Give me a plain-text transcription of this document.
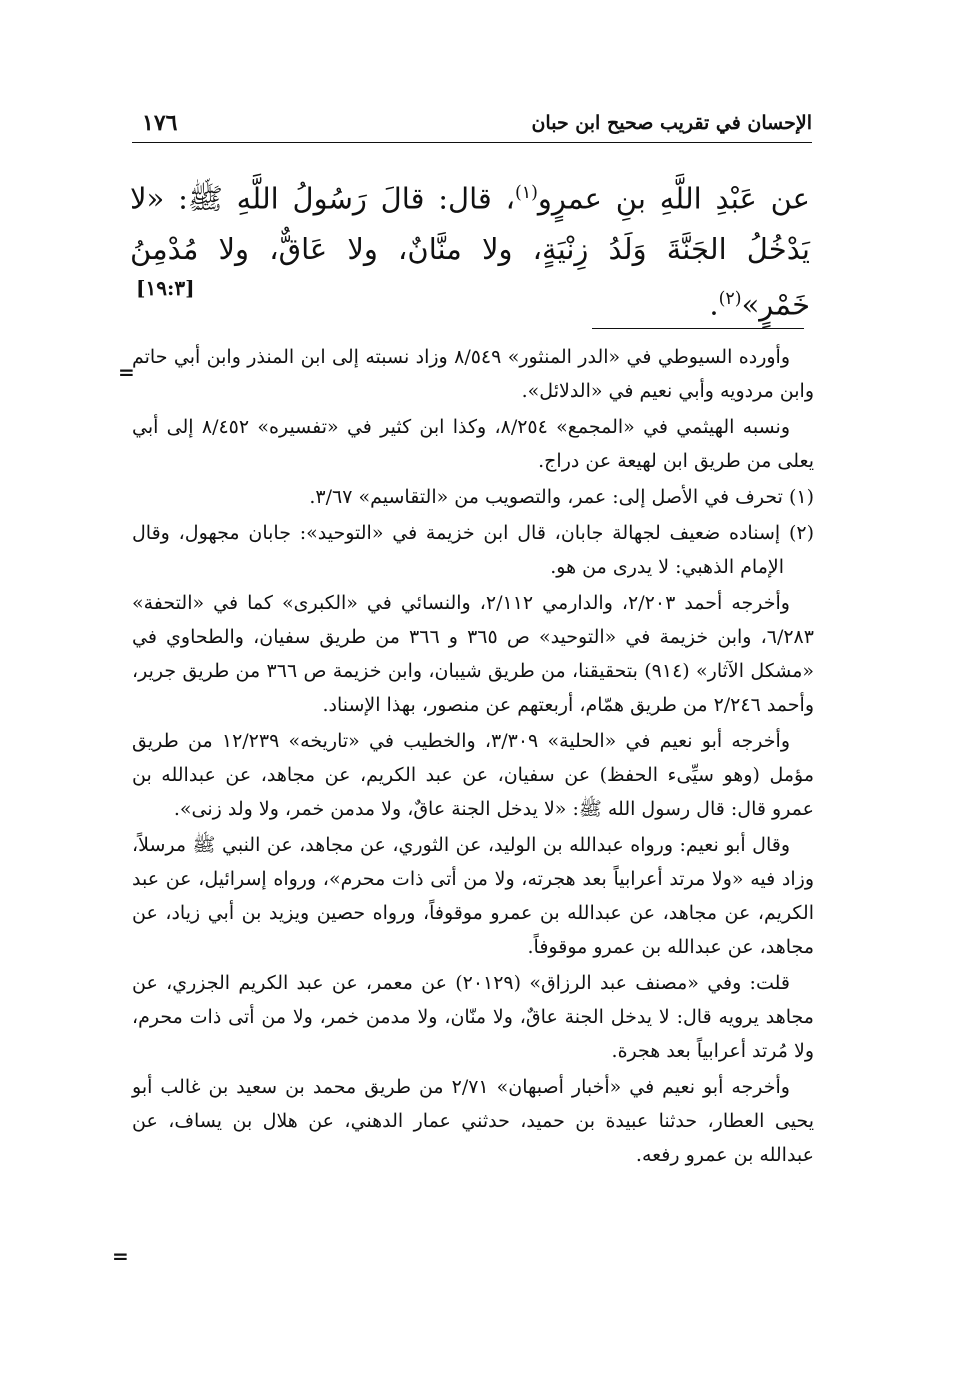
الإحسان في تقريب صحيح ابن حبان
١٧٦
عن عَبْدِ اللَّهِ بنِ عمرٍو$^{(١)}$، قال: قالَ رَسُولُ اللَّهِ ﷺ: «لا يَدْخُلُ الجَنَّةَ وَلَدُ زِنْيَةٍ، ولا منَّانٌ، ولا عَاقٌّ، ولا مُدْمِنُ خَمْرٍ»$^{(٢)}$.
[١٩:٣]
=

وأورده السيوطي في «الدر المنثور» ٨/٥٤٩ وزاد نسبته إلى ابن المنذر وابن أبي حاتم وابن مردويه وأبي نعيم في «الدلائل».

ونسبه الهيثمي في «المجمع» ٨/٢٥٤، وكذا ابن كثير في «تفسيره» ٨/٤٥٢ إلى أبي يعلى من طريق ابن لهيعة عن دراج.

(١) تحرف في الأصل إلى: عمر، والتصويب من «التقاسيم» ٣/٦٧.

(٢) إسناده ضعيف لجهالة جابان، قال ابن خزيمة في «التوحيد»: جابان مجهول، وقال الإمام الذهبي: لا يدرى من هو.

وأخرجه أحمد ٢/٢٠٣، والدارمي ٢/١١٢، والنسائي في «الكبرى» كما في «التحفة» ٦/٢٨٣، وابن خزيمة في «التوحيد» ص ٣٦٥ و ٣٦٦ من طريق سفيان، والطحاوي في «مشكل الآثار» (٩١٤) بتحقيقنا، من طريق شيبان، وابن خزيمة ص ٣٦٦ من طريق جرير، وأحمد ٢/٢٤٦ من طريق همّام، أربعتهم عن منصور، بهذا الإسناد.

وأخرجه أبو نعيم في «الحلية» ٣/٣٠٩، والخطيب في «تاريخه» ١٢/٢٣٩ من طريق مؤمل (وهو سيِّىء الحفظ) عن سفيان، عن عبد الكريم، عن مجاهد، عن عبدالله بن عمرو قال: قال رسول الله ﷺ: «لا يدخل الجنة عاقٌ، ولا مدمن خمر، ولا ولد زنى».

وقال أبو نعيم: ورواه عبدالله بن الوليد، عن الثوري، عن مجاهد، عن النبي ﷺ مرسلاً، وزاد فيه «ولا مرتد أعرابياً بعد هجرته، ولا من أتى ذات محرم»، ورواه إسرائيل، عن عبد الكريم، عن مجاهد، عن عبدالله بن عمرو موقوفاً، ورواه حصين ويزيد بن أبي زياد، عن مجاهد، عن عبدالله بن عمرو موقوفاً.

قلت: وفي «مصنف عبد الرزاق» (٢٠١٢٩) عن معمر، عن عبد الكريم الجزري، عن مجاهد يرويه قال: لا يدخل الجنة عاقٌ، ولا منّان، ولا مدمن خمر، ولا من أتى ذات محرم، ولا مُرتد أعرابياً بعد هجرة.

وأخرجه أبو نعيم في «أخبار أصبهان» ٢/٧١ من طريق محمد بن سعيد بن غالب أبو يحيى العطار، حدثنا عبيدة بن حميد، حدثني عمار الدهني، عن هلال بن يساف، عن عبدالله بن عمرو رفعه.

=
